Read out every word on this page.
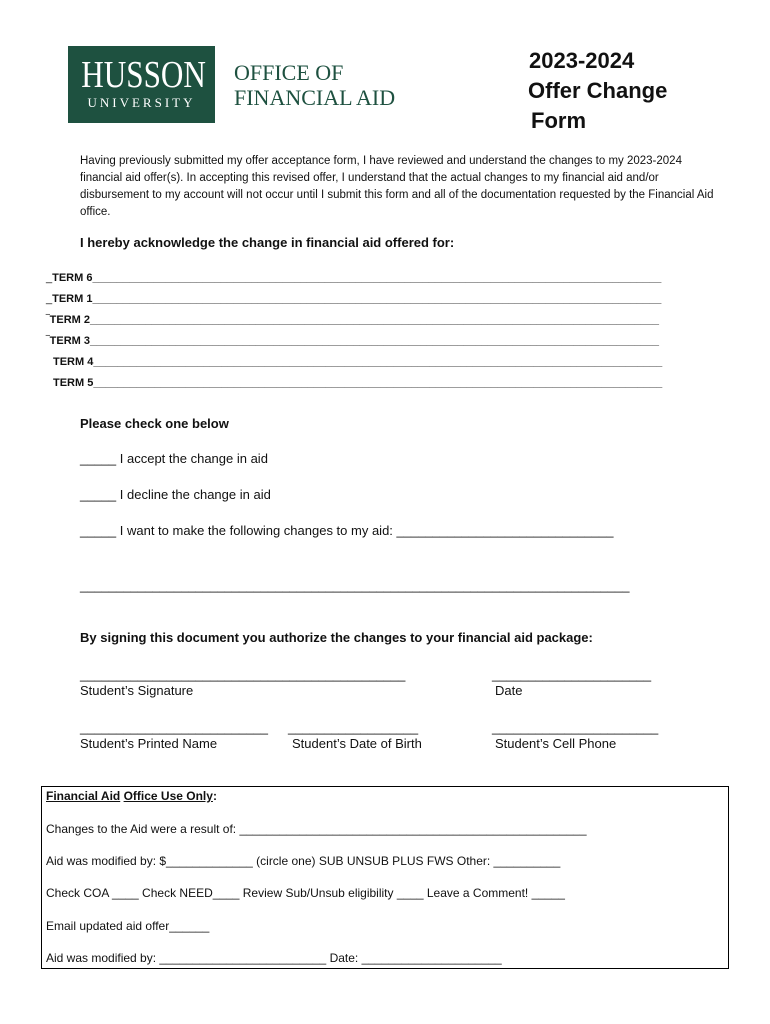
HUSSON
UNIVERSITY
OFFICE OF
FINANCIAL AID
2023-2024
Offer Change
Form
Having previously submitted my offer acceptance form, I have reviewed and understand the changes to my 2023-2024 financial aid offer(s). In accepting this revised offer, I understand that the actual changes to my financial aid and/or disbursement to my account will not occur until I submit this form and all of the documentation requested by the Financial Aid office.
I hereby acknowledge the change in financial aid offered for:
_TERM 6_____________________________________________________________________________________________
_TERM 1_____________________________________________________________________________________________
‾TERM 2_____________________________________________________________________________________________
‾TERM 3_____________________________________________________________________________________________
TERM 4_____________________________________________________________________________________________
TERM 5_____________________________________________________________________________________________
Please check one below
_____ I accept the change in aid
_____ I decline the change in aid
_____ I want to make the following changes to my aid: ______________________________
____________________________________________________________________________
By signing this document you authorize the changes to your financial aid package:
_____________________________________________
Student’s Signature
______________________
Date
__________________________
Student’s Printed Name
__________________
Student’s Date of Birth
_______________________
Student’s Cell Phone
Financial Aid Office Use Only:
Changes to the Aid were a result of: ____________________________________________________
Aid was modified by: $_____________ (circle one) SUB UNSUB PLUS FWS Other: __________
Check COA ____ Check NEED____ Review Sub/Unsub eligibility ____ Leave a Comment! _____
Email updated aid offer______
Aid was modified by: _________________________ Date: _____________________
